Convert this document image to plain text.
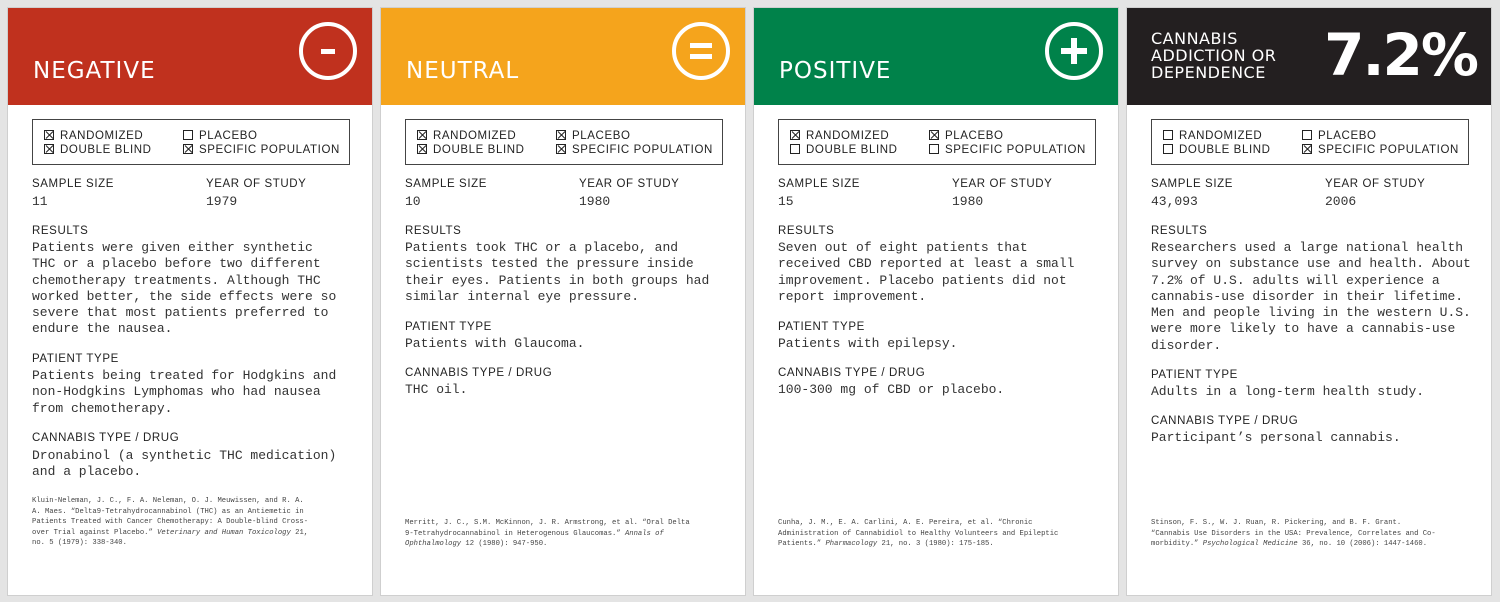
NEGATIVE
RANDOMIZED	PLACEBO
DOUBLE BLIND	SPECIFIC POPULATION
SAMPLE SIZE
11
YEAR OF STUDY
1979
RESULTS
Patients were given either synthetic
THC or a placebo before two different
chemotherapy treatments. Although THC
worked better, the side effects were so
severe that most patients preferred to
endure the nausea.
PATIENT TYPE
Patients being treated for Hodgkins and
non-Hodgkins Lymphomas who had nausea
from chemotherapy.
CANNABIS TYPE / DRUG
Dronabinol (a synthetic THC medication)
and a placebo.
Kluin-Neleman, J. C., F. A. Neleman, O. J. Meuwissen, and R. A.
A. Maes. “Delta9-Tetrahydrocannabinol (THC) as an Antiemetic in
Patients Treated with Cancer Chemotherapy: A Double-blind Cross-
over Trial against Placebo.” Veterinary and Human Toxicology 21,
no. 5 (1979): 338-340.
NEUTRAL
RANDOMIZED	PLACEBO
DOUBLE BLIND	SPECIFIC POPULATION
SAMPLE SIZE
10
YEAR OF STUDY
1980
RESULTS
Patients took THC or a placebo, and
scientists tested the pressure inside
their eyes. Patients in both groups had
similar internal eye pressure.
PATIENT TYPE
Patients with Glaucoma.
CANNABIS TYPE / DRUG
THC oil.
Merritt, J. C., S.M. McKinnon, J. R. Armstrong, et al. “Oral Delta
9-Tetrahydrocannabinol in Heterogenous Glaucomas.” Annals of
Ophthalmology 12 (1980): 947-950.
POSITIVE
RANDOMIZED	PLACEBO
DOUBLE BLIND	SPECIFIC POPULATION
SAMPLE SIZE
15
YEAR OF STUDY
1980
RESULTS
Seven out of eight patients that
received CBD reported at least a small
improvement. Placebo patients did not
report improvement.
PATIENT TYPE
Patients with epilepsy.
CANNABIS TYPE / DRUG
100-300 mg of CBD or placebo.
Cunha, J. M., E. A. Carlini, A. E. Pereira, et al. “Chronic
Administration of Cannabidiol to Healthy Volunteers and Epileptic
Patients.” Pharmacology 21, no. 3 (1980): 175-185.
CANNABIS ADDICTION OR DEPENDENCE	7.2%
RANDOMIZED	PLACEBO
DOUBLE BLIND	SPECIFIC POPULATION
SAMPLE SIZE
43,093
YEAR OF STUDY
2006
RESULTS
Researchers used a large national health
survey on substance use and health. About
7.2% of U.S. adults will experience a
cannabis-use disorder in their lifetime.
Men and people living in the western U.S.
were more likely to have a cannabis-use
disorder.
PATIENT TYPE
Adults in a long-term health study.
CANNABIS TYPE / DRUG
Participant’s personal cannabis.
Stinson, F. S., W. J. Ruan, R. Pickering, and B. F. Grant.
“Cannabis Use Disorders in the USA: Prevalence, Correlates and Co-
morbidity.” Psychological Medicine 36, no. 10 (2006): 1447-1460.
